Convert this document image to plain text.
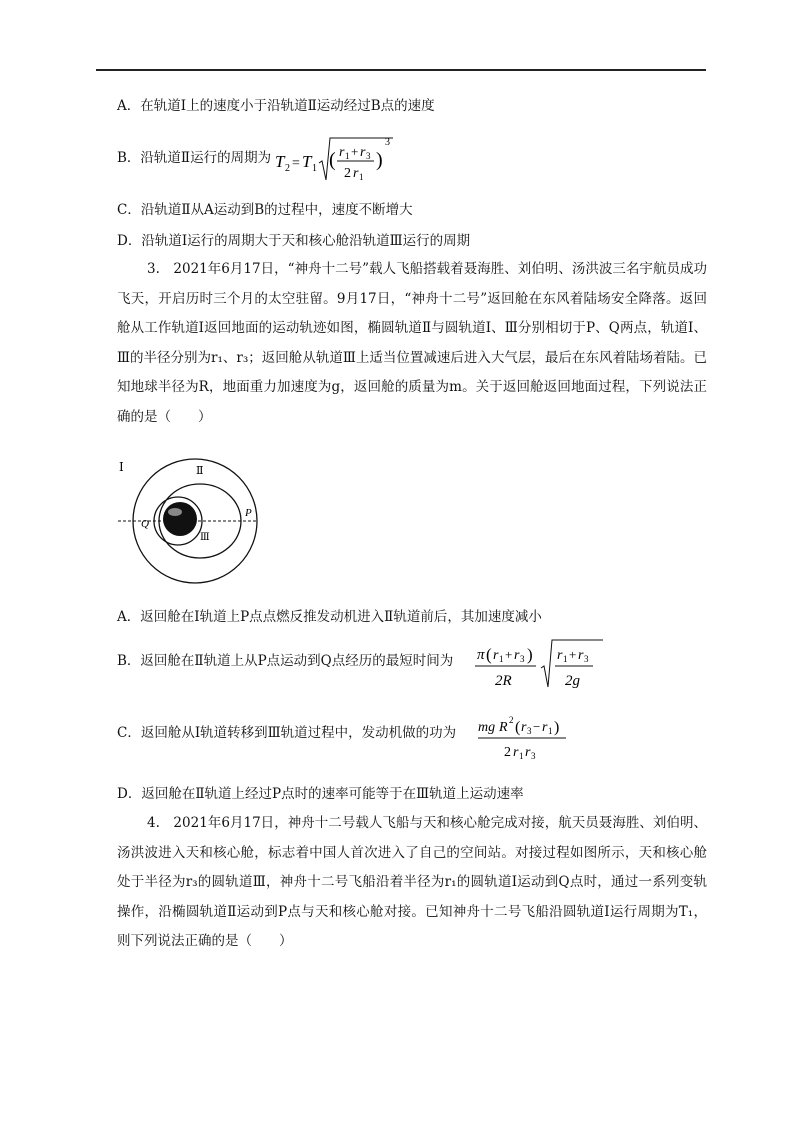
A．在轨道Ⅰ上的速度小于沿轨道Ⅱ运动经过B点的速度
B．沿轨道Ⅱ运行的周期为 T 2 = T 1 ( r 1 + r 3
2 r 1
)
3
C．沿轨道Ⅱ从A运动到B的过程中，速度不断增大
D．沿轨道Ⅰ运行的周期大于天和核心舱沿轨道Ⅲ运行的周期
3.　2021年6月17日，“神舟十二号”载人飞船搭载着聂海胜、刘伯明、汤洪波三名宇航员成功飞天，开启历时三个月的太空驻留。9月17日，“神舟十二号”返回舱在东风着陆场安全降落。返回舱从工作轨道Ⅰ返回地面的运动轨迹如图，椭圆轨道Ⅱ与圆轨道Ⅰ、Ⅲ分别相切于P、Q两点，轨道Ⅰ、Ⅲ的半径分别为r₁、r₃；返回舱从轨道Ⅲ上适当位置减速后进入大气层，最后在东风着陆场着陆。已知地球半径为R，地面重力加速度为g，返回舱的质量为m。关于返回舱返回地面过程，下列说法正确的是（　　）
Ⅰ	Ⅱ
Ⅲ
Q
P
A．返回舱在Ⅰ轨道上P点点燃反推发动机进入Ⅱ轨道前后，其加速度减小
B．返回舱在Ⅱ轨道上从P点运动到Q点经历的最短时间为 π ( r 1 + r 3 )
2R
r 1 + r 3
2g
C．返回舱从Ⅰ轨道转移到Ⅲ轨道过程中，发动机做的功为 mg R 2 ( r 3 − r 1 )
2 r 1 r 3
D．返回舱在Ⅱ轨道上经过P点时的速率可能等于在Ⅲ轨道上运动速率
4.　2021年6月17日，神舟十二号载人飞船与天和核心舱完成对接，航天员聂海胜、刘伯明、汤洪波进入天和核心舱，标志着中国人首次进入了自己的空间站。对接过程如图所示，天和核心舱处于半径为r₃的圆轨道Ⅲ，神舟十二号飞船沿着半径为r₁的圆轨道Ⅰ运动到Q点时，通过一系列变轨操作，沿椭圆轨道Ⅱ运动到P点与天和核心舱对接。已知神舟十二号飞船沿圆轨道Ⅰ运行周期为T₁，则下列说法正确的是（　　）
